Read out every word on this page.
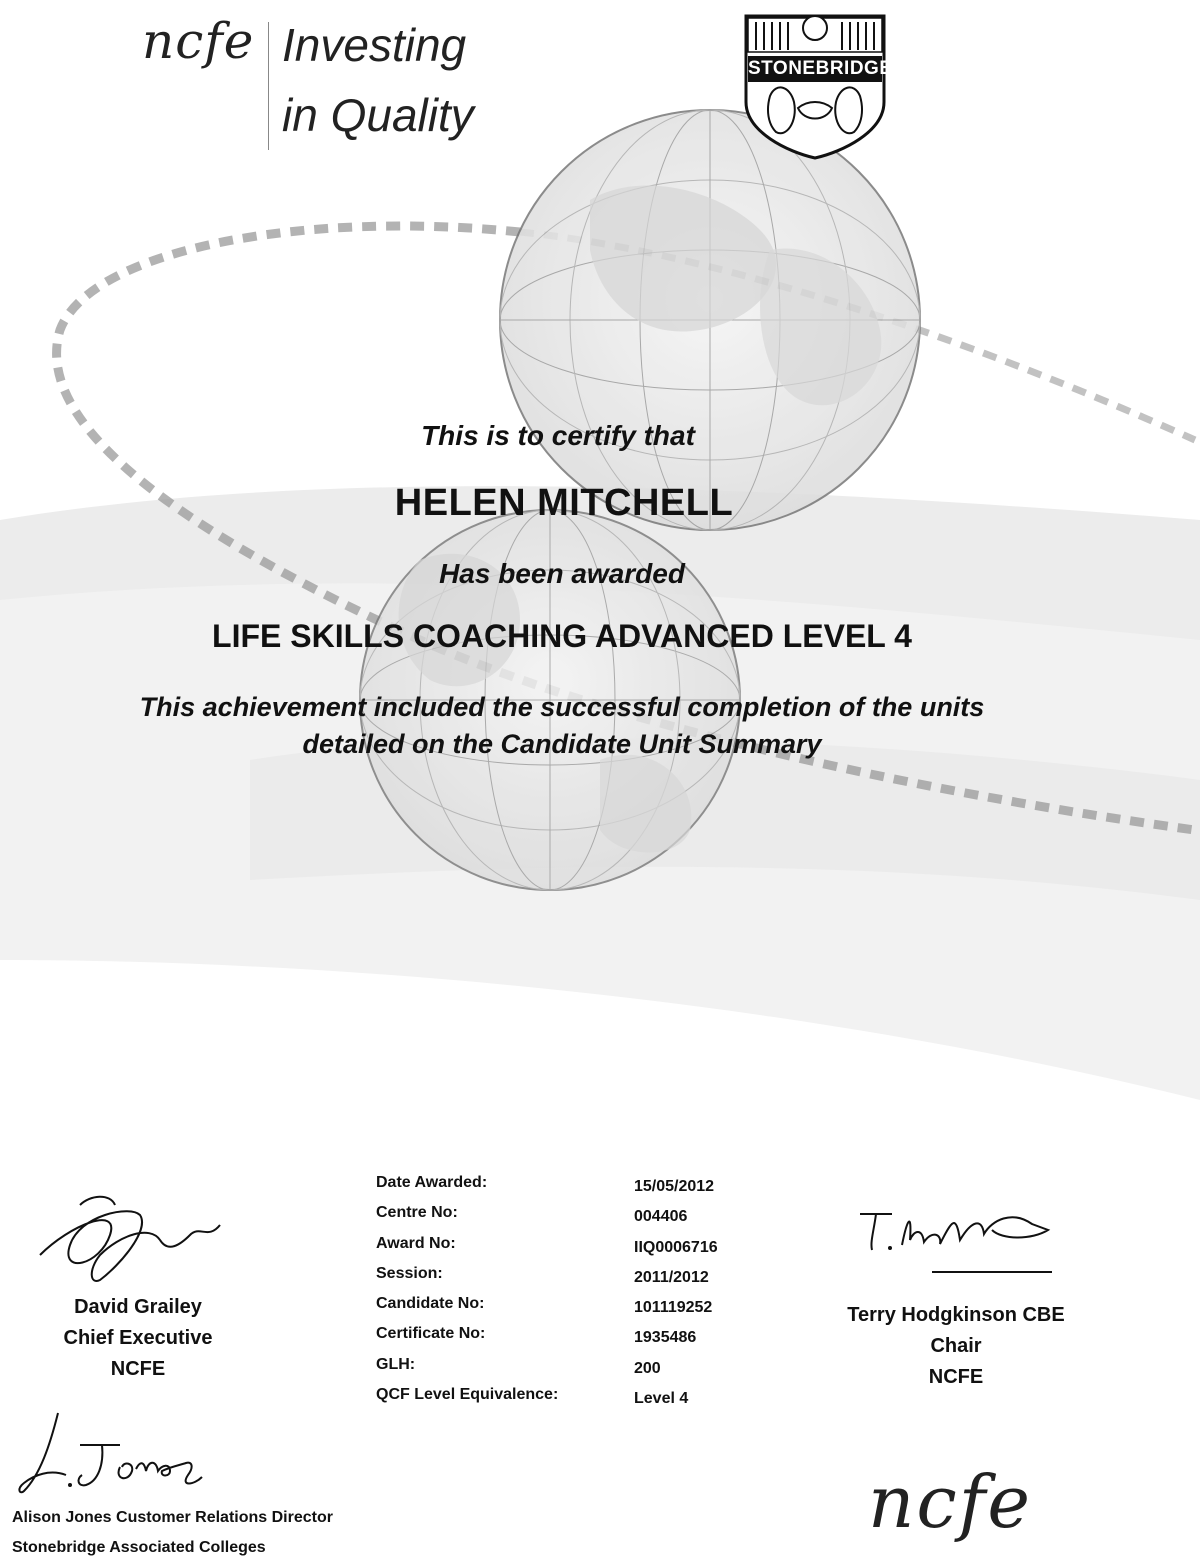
ncfe Investing
in Quality
STONEBRIDGE
This is to certify that
HELEN MITCHELL
Has been awarded
LIFE SKILLS COACHING ADVANCED LEVEL 4
This achievement included the successful completion of the units
detailed on the Candidate Unit Summary
Date Awarded:	15/05/2012
Centre No:	004406
Award No:	IIQ0006716
Session:	2011/2012
Candidate No:	101119252
Certificate No:	1935486
GLH:	200
QCF Level Equivalence:	Level 4
David Grailey
Chief Executive
NCFE
Terry Hodgkinson CBE
Chair
NCFE
Alison Jones Customer Relations Director
Stonebridge Associated Colleges
ncfe
